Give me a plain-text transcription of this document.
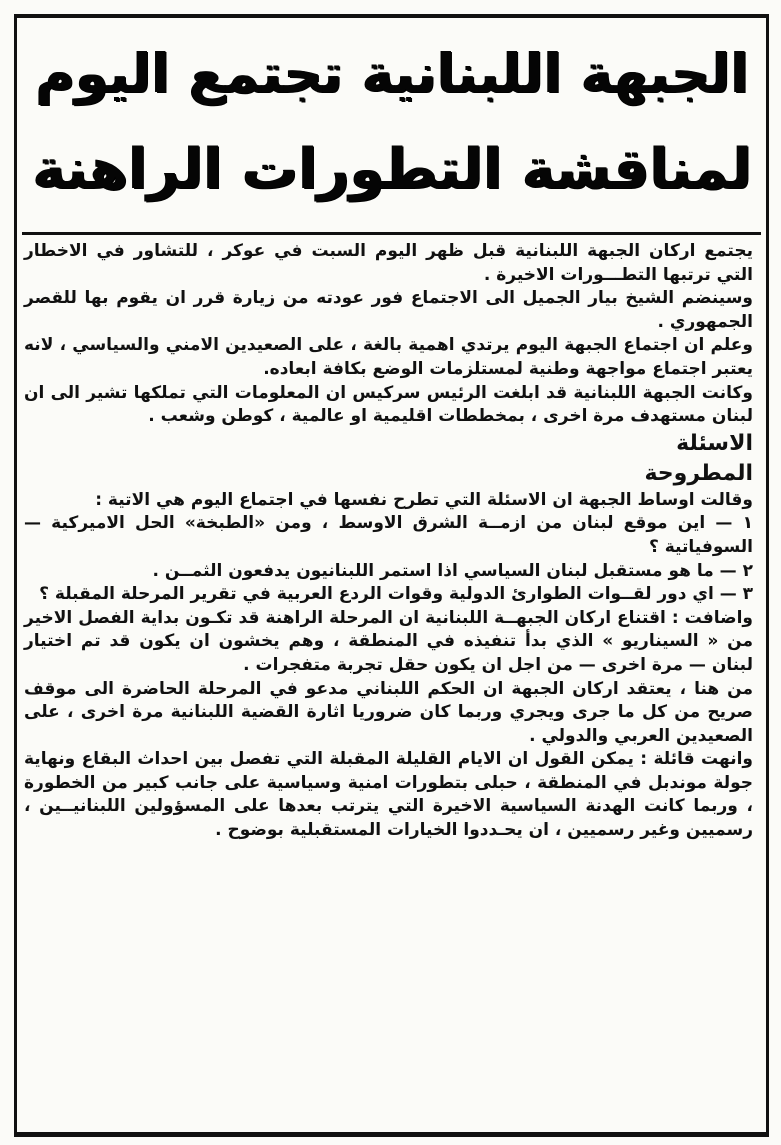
الجبهة اللبنانية تجتمع اليوم
لمناقشة التطورات الراهنة

يجتمع اركان الجبهة اللبنانية قبل ظهر اليوم السبت في عوكر ، للتشاور في الاخطار التي ترتبها التطـــورات الاخيرة .

وسينضم الشيخ بيار الجميل الى الاجتماع فور عودته من زيارة قرر ان يقوم بها للقصر الجمهوري .

وعلم ان اجتماع الجبهة اليوم يرتدي اهمية بالغة ، على الصعيدين الامني والسياسي ، لانه يعتبر اجتماع مواجهة وطنية لمستلزمات الوضع بكافة ابعاده.

وكانت الجبهة اللبنانية قد ابلغت الرئيس سركيس ان المعلومات التي تملكها تشير الى ان لبنان مستهدف مرة اخرى ، بمخططات اقليمية او عالمية ، كوطن وشعب .

الاسئلة

المطروحة

وقالت اوساط الجبهة ان الاسئلة التي تطرح نفسها في اجتماع اليوم هي الاتية :

١ — اين موقع لبنان من ازمــة الشرق الاوسط ، ومن «الطبخة» الحل الاميركية — السوفياتية ؟

٢ — ما هو مستقبل لبنان السياسي اذا استمر اللبنانيون يدفعون الثمــن .

٣ — اي دور لقــوات الطوارئ الدولية وقوات الردع العربية في تقرير المرحلة المقبلة ؟

واضافت : اقتناع اركان الجبهــة اللبنانية ان المرحلة الراهنة قد تكـون بداية الفصل الاخير من « السيناريو » الذي بدأ تنفيذه في المنطقة ، وهم يخشون ان يكون قد تم اختيار لبنان — مرة اخرى — من اجل ان يكون حقل تجربة متفجرات .

من هنا ، يعتقد اركان الجبهة ان الحكم اللبناني مدعو في المرحلة الحاضرة الى موقف صريح من كل ما جرى ويجري وربما كان ضروريا اثارة القضية اللبنانية مرة اخرى ، على الصعيدين العربي والدولي .

وانهت قائلة : يمكن القول ان الايام القليلة المقبلة التي تفصل بين احداث البقاع ونهاية جولة موندبل في المنطقة ، حبلى بتطورات امنية وسياسية على جانب كبير من الخطورة ، وربما كانت الهدنة السياسية الاخيرة التي يترتب بعدها على المسؤولين اللبنانيــين ، رسميين وغير رسميين ، ان يحـددوا الخيارات المستقبلية بوضوح .
